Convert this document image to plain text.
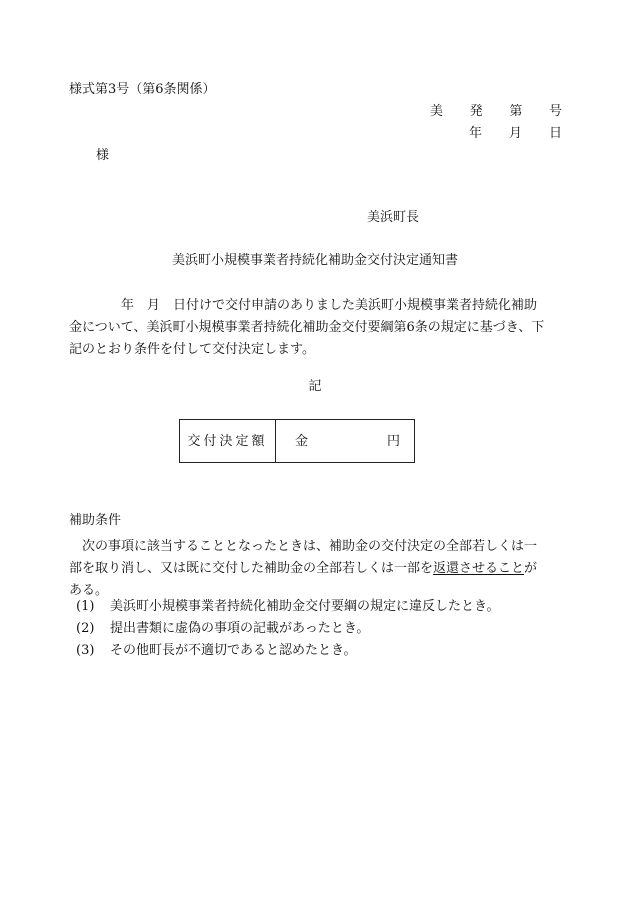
様式第3号（第6条関係）
美 発 第 号
年 月 日
様
美浜町長
美浜町小規模事業者持続化補助金交付決定通知書
年　月　日付けで交付申請のありました美浜町小規模事業者持続化補助
金について、美浜町小規模事業者持続化補助金交付要綱第6条の規定に基づき、下
記のとおり条件を付して交付決定します。
記
交付決定額	金	円
補助条件
次の事項に該当することとなったときは、補助金の交付決定の全部若しくは一
部を取り消し、又は既に交付した補助金の全部若しくは一部を返還させることが
ある。
(1)	美浜町小規模事業者持続化補助金交付要綱の規定に違反したとき。
(2)	提出書類に虚偽の事項の記載があったとき。
(3)	その他町長が不適切であると認めたとき。
